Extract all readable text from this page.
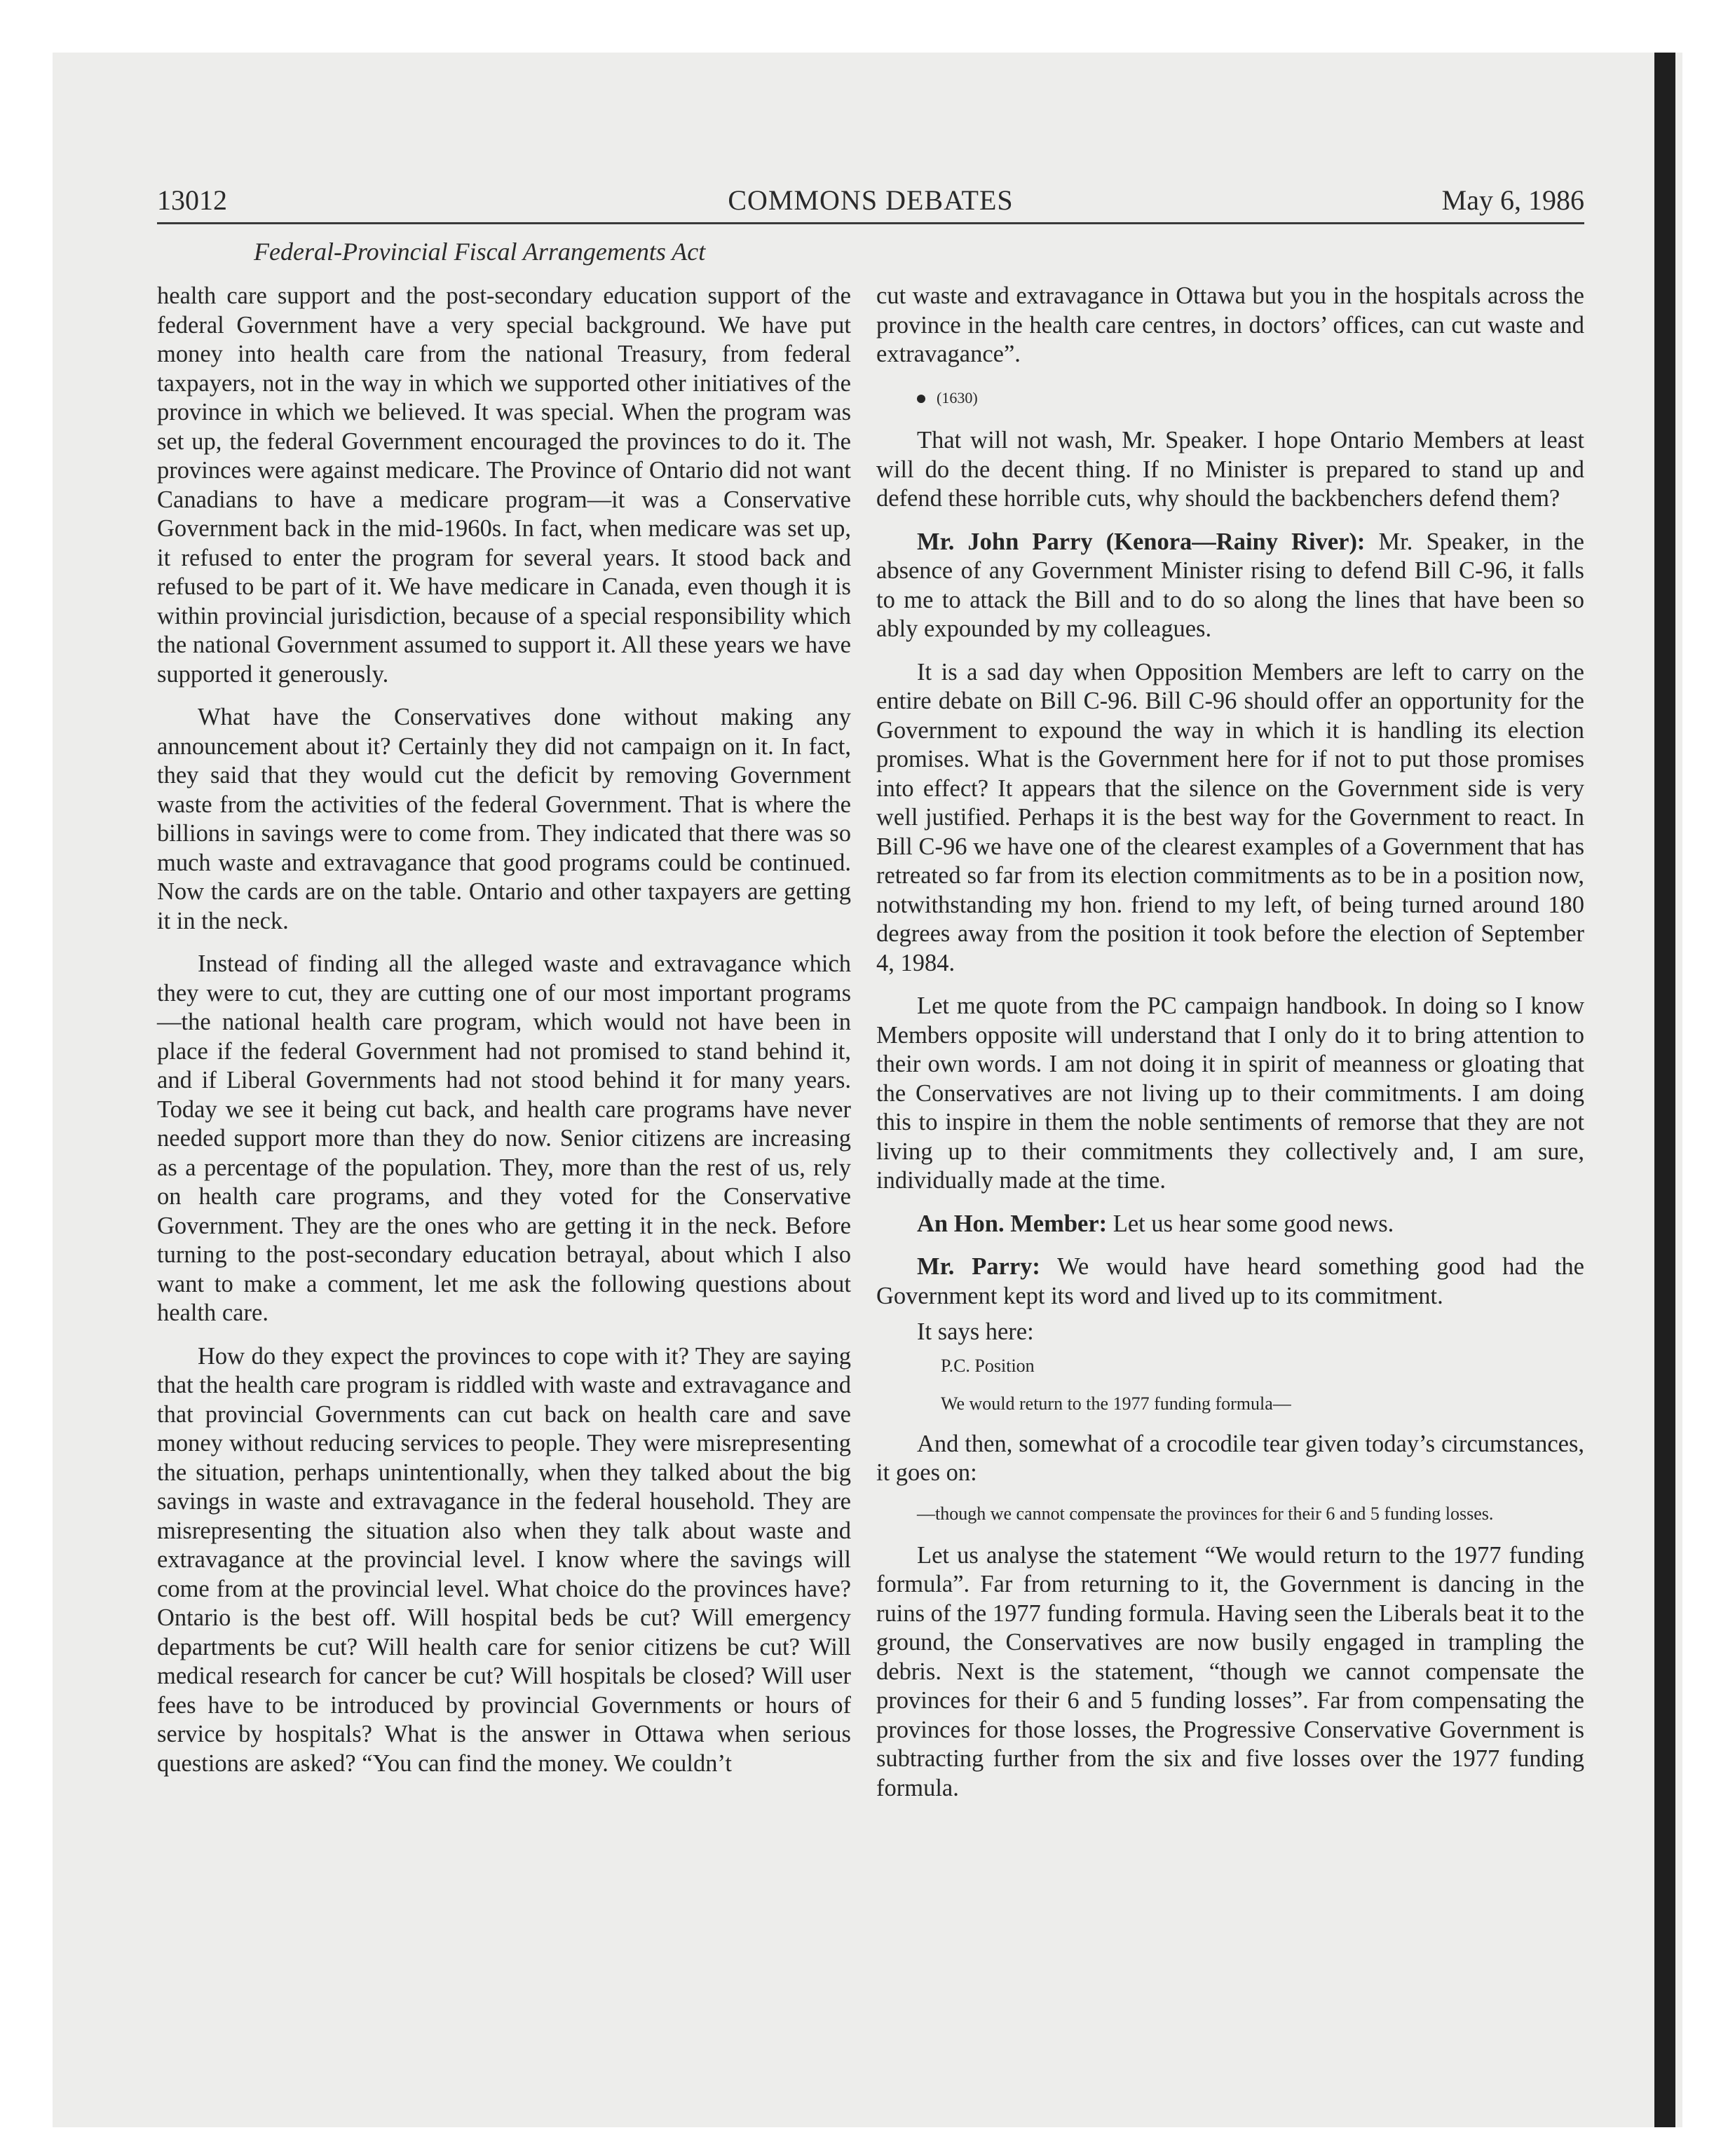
13012	COMMONS DEBATES	May 6, 1986
Federal-Provincial Fiscal Arrangements Act

health care support and the post-secondary education support of the federal Government have a very special background. We have put money into health care from the national Treasury, from federal taxpayers, not in the way in which we supported other initiatives of the province in which we believed. It was special. When the program was set up, the federal Government encouraged the provinces to do it. The provinces were against medicare. The Province of Ontario did not want Canadians to have a medicare program—it was a Conservative Government back in the mid-1960s. In fact, when medicare was set up, it refused to enter the program for several years. It stood back and refused to be part of it. We have medicare in Canada, even though it is within provincial jurisdiction, because of a special responsibility which the national Government assumed to support it. All these years we have supported it generously.

What have the Conservatives done without making any announcement about it? Certainly they did not campaign on it. In fact, they said that they would cut the deficit by removing Government waste from the activities of the federal Government. That is where the billions in savings were to come from. They indicated that there was so much waste and extravagance that good programs could be continued. Now the cards are on the table. Ontario and other taxpayers are getting it in the neck.

Instead of finding all the alleged waste and extravagance which they were to cut, they are cutting one of our most important programs—the national health care program, which would not have been in place if the federal Government had not promised to stand behind it, and if Liberal Governments had not stood behind it for many years. Today we see it being cut back, and health care programs have never needed support more than they do now. Senior citizens are increasing as a percentage of the population. They, more than the rest of us, rely on health care programs, and they voted for the Conservative Government. They are the ones who are getting it in the neck. Before turning to the post-secondary education betrayal, about which I also want to make a comment, let me ask the following questions about health care.

How do they expect the provinces to cope with it? They are saying that the health care program is riddled with waste and extravagance and that provincial Governments can cut back on health care and save money without reducing services to people. They were misrepresenting the situation, perhaps unintentionally, when they talked about the big savings in waste and extravagance in the federal household. They are misrepresenting the situation also when they talk about waste and extravagance at the provincial level. I know where the savings will come from at the provincial level. What choice do the provinces have? Ontario is the best off. Will hospital beds be cut? Will emergency departments be cut? Will health care for senior citizens be cut? Will medical research for cancer be cut? Will hospitals be closed? Will user fees have to be introduced by provincial Governments or hours of service by hospitals? What is the answer in Ottawa when serious questions are asked? “You can find the money. We couldn’t

cut waste and extravagance in Ottawa but you in the hospitals across the province in the health care centres, in doctors’ offices, can cut waste and extravagance”.

(1630)

That will not wash, Mr. Speaker. I hope Ontario Members at least will do the decent thing. If no Minister is prepared to stand up and defend these horrible cuts, why should the backbenchers defend them?

Mr. John Parry (Kenora—Rainy River): Mr. Speaker, in the absence of any Government Minister rising to defend Bill C-96, it falls to me to attack the Bill and to do so along the lines that have been so ably expounded by my colleagues.

It is a sad day when Opposition Members are left to carry on the entire debate on Bill C-96. Bill C-96 should offer an opportunity for the Government to expound the way in which it is handling its election promises. What is the Government here for if not to put those promises into effect? It appears that the silence on the Government side is very well justified. Perhaps it is the best way for the Government to react. In Bill C-96 we have one of the clearest examples of a Government that has retreated so far from its election commitments as to be in a position now, notwithstanding my hon. friend to my left, of being turned around 180 degrees away from the position it took before the election of September 4, 1984.

Let me quote from the PC campaign handbook. In doing so I know Members opposite will understand that I only do it to bring attention to their own words. I am not doing it in spirit of meanness or gloating that the Conservatives are not living up to their commitments. I am doing this to inspire in them the noble sentiments of remorse that they are not living up to their commitments they collectively and, I am sure, individually made at the time.

An Hon. Member: Let us hear some good news.

Mr. Parry: We would have heard something good had the Government kept its word and lived up to its commitment.

It says here:

P.C. Position

We would return to the 1977 funding formula—

And then, somewhat of a crocodile tear given today’s circumstances, it goes on:

—though we cannot compensate the provinces for their 6 and 5 funding losses.

Let us analyse the statement “We would return to the 1977 funding formula”. Far from returning to it, the Government is dancing in the ruins of the 1977 funding formula. Having seen the Liberals beat it to the ground, the Conservatives are now busily engaged in trampling the debris. Next is the statement, “though we cannot compensate the provinces for their 6 and 5 funding losses”. Far from compensating the provinces for those losses, the Progressive Conservative Government is subtracting further from the six and five losses over the 1977 funding formula.
